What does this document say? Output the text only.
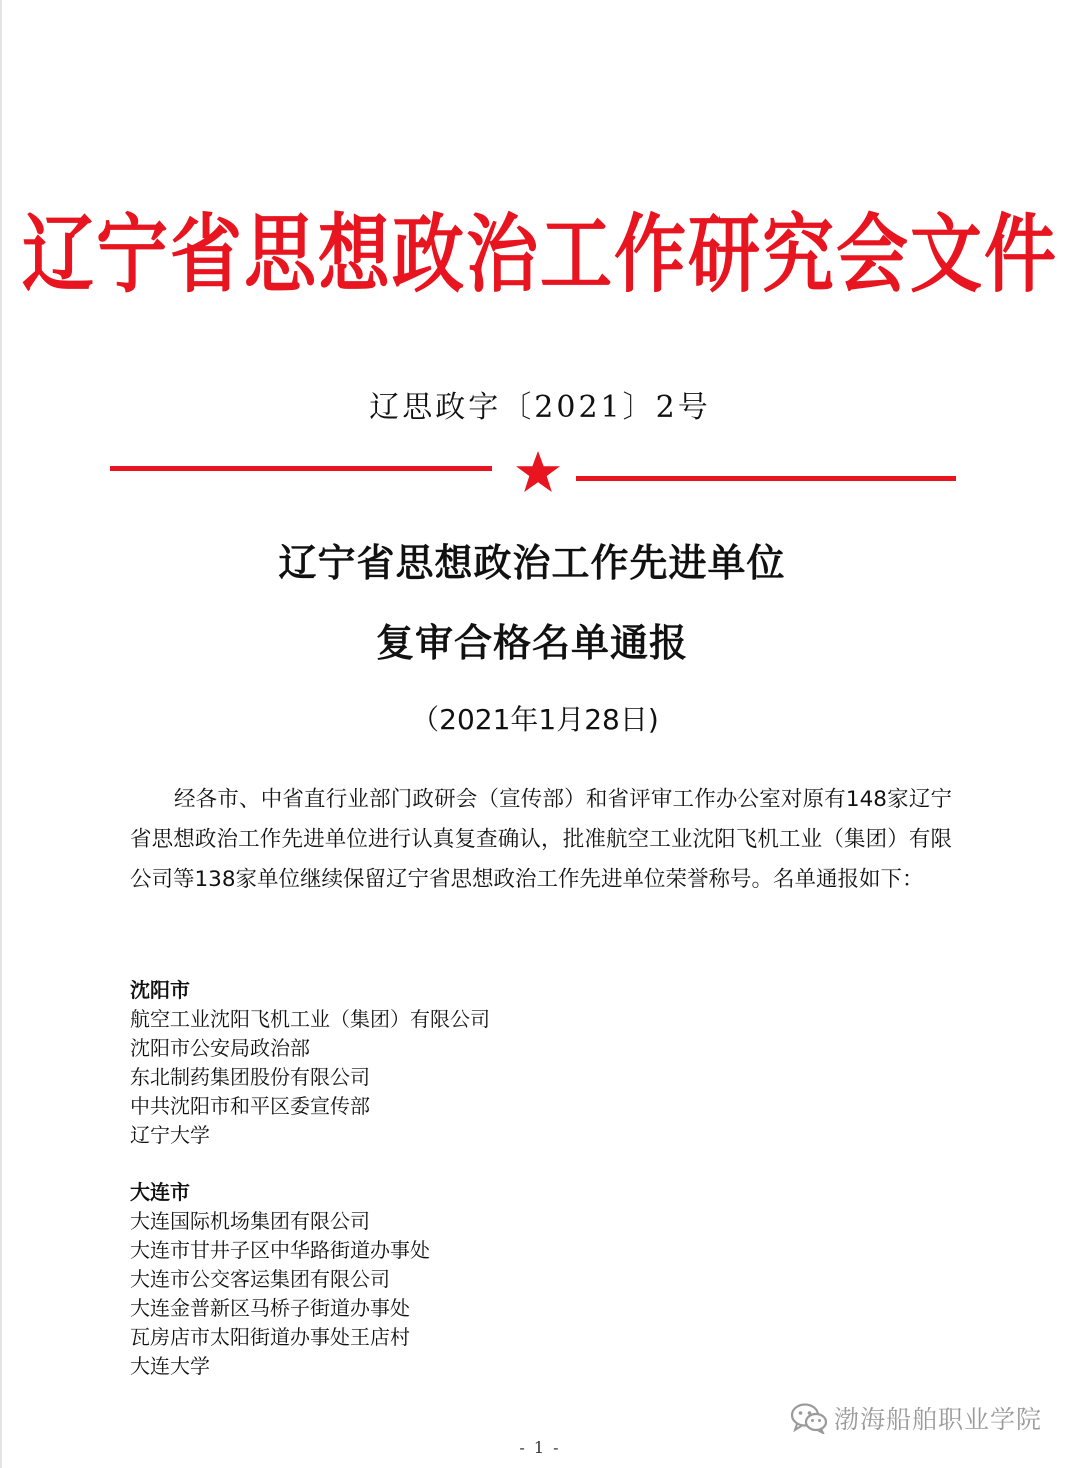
辽宁省思想政治工作研究会文件
辽思政字〔2021〕2号
辽宁省思想政治工作先进单位
复审合格名单通报
（2021年1月28日)
经各市、中省直行业部门政研会（宣传部）和省评审工作办公室对原有148家辽宁省思想政治工作先进单位进行认真复查确认，批准航空工业沈阳飞机工业（集团）有限公司等138家单位继续保留辽宁省思想政治工作先进单位荣誉称号。名单通报如下：
沈阳市
航空工业沈阳飞机工业（集团）有限公司
沈阳市公安局政治部
东北制药集团股份有限公司
中共沈阳市和平区委宣传部
辽宁大学
大连市
大连国际机场集团有限公司
大连市甘井子区中华路街道办事处
大连市公交客运集团有限公司
大连金普新区马桥子街道办事处
瓦房店市太阳街道办事处王店村
大连大学
渤海船舶职业学院
- 1 -
